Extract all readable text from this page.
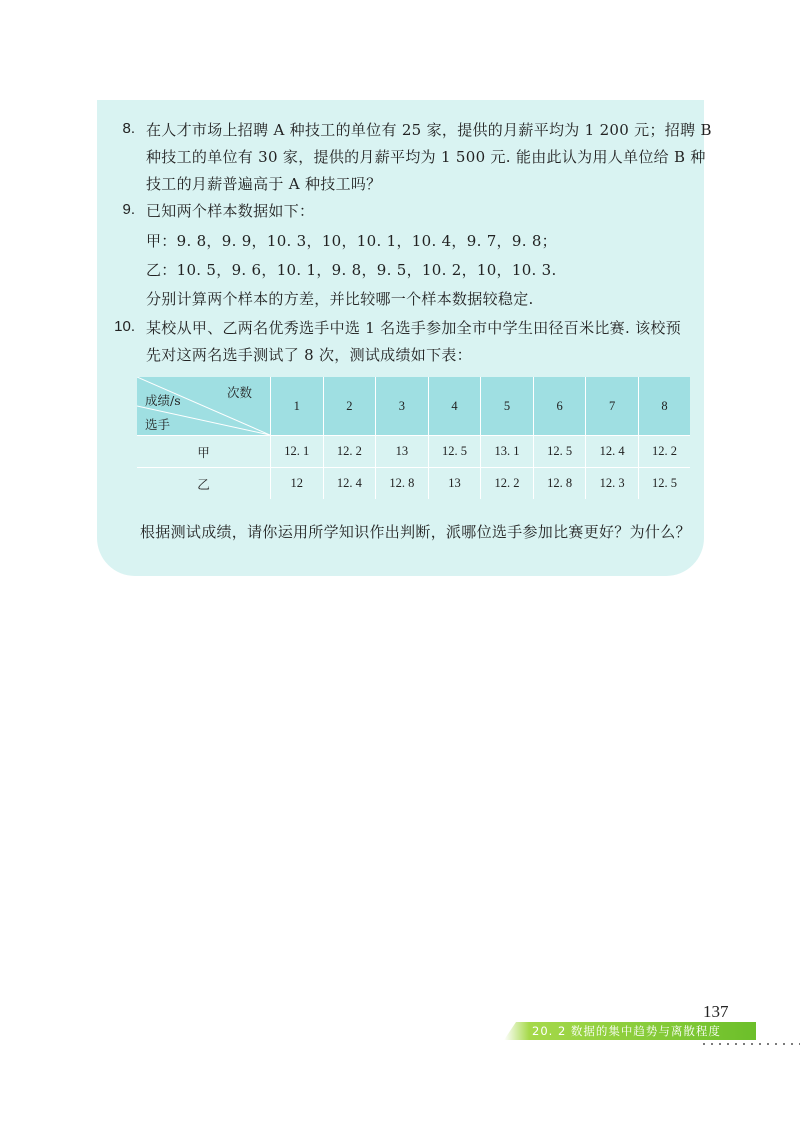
8. 在人才市场上招聘 A 种技工的单位有 25 家，提供的月薪平均为 1 200 元；招聘 B
种技工的单位有 30 家，提供的月薪平均为 1 500 元. 能由此认为用人单位给 B 种
技工的月薪普遍高于 A 种技工吗？
9. 已知两个样本数据如下：
甲：9. 8，9. 9，10. 3，10，10. 1，10. 4，9. 7，9. 8；
乙：10. 5，9. 6，10. 1，9. 8，9. 5，10. 2，10，10. 3.
分别计算两个样本的方差，并比较哪一个样本数据较稳定.
10. 某校从甲、乙两名优秀选手中选 1 名选手参加全市中学生田径百米比赛. 该校预
先对这两名选手测试了 8 次，测试成绩如下表：
次数
成绩/s
选手	1	2	3	4	5	6	7	8
甲	12. 1	12. 2	13	12. 5	13. 1	12. 5	12. 4	12. 2
乙	12	12. 4	12. 8	13	12. 2	12. 8	12. 3	12. 5
根据测试成绩，请你运用所学知识作出判断，派哪位选手参加比赛更好？为什么？
137
20. 2 数据的集中趋势与离散程度
